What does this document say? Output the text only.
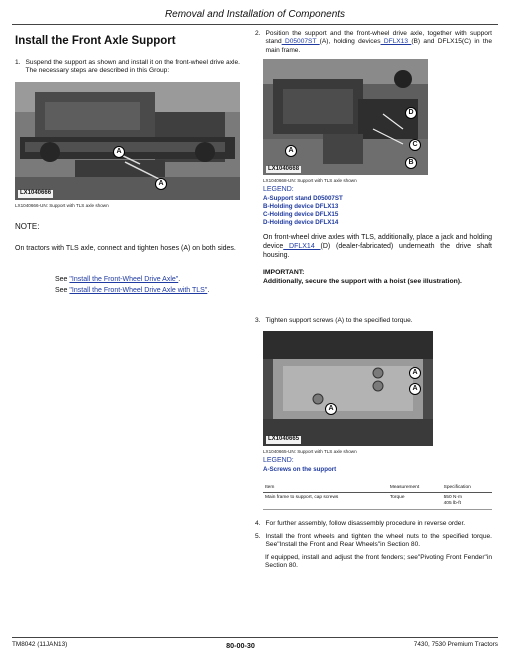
Removal and Installation of Components
Install the Front Axle Support
1. Suspend the support as shown and install it on the front-wheel drive axle. The necessary steps are described in this Group:
A
A
LX1040666
LX1040666-UN: Support with TLS axle shown
NOTE:
On tractors with TLS axle, connect and tighten hoses (A) on both sides.
See "Install the Front-Wheel Drive Axle".
See "Install the Front-Wheel Drive Axle with TLS".
2. Position the support and the front-wheel drive axle, together with support stand D05007ST (A), holding devices DFLX13 (B) and DFLX15(C) in the main frame.
D
C
A
B
LX1040668
LX1040668-UN: Support with TLS axle shown
LEGEND:
A-Support stand D05007ST
B-Holding device DFLX13
C-Holding device DFLX15
D-Holding device DFLX14
On front-wheel drive axles with TLS, additionally, place a jack and holding device DFLX14 (D) (dealer-fabricated) underneath the drive shaft housing.
IMPORTANT:
Additionally, secure the support with a hoist (see illustration).
3. Tighten support screws (A) to the specified torque.
A
A
A
LX1040665
LX1040665-UN: Support with TLS axle shown
LEGEND:
A-Screws on the support
Item	Measurement	Specification
Main frame to support, cap screws	Torque	550 N·m
405 lb-ft
4. For further assembly, follow disassembly procedure in reverse order.
5. Install the front wheels and tighten the wheel nuts to the specified torque. See"Install the Front and Rear Wheels"in Section 80.
If equipped, install and adjust the front fenders; see"Pivoting Front Fender"in Section 80.
TM8042 (11JAN13)	80-00-30	7430, 7530 Premium Tractors
